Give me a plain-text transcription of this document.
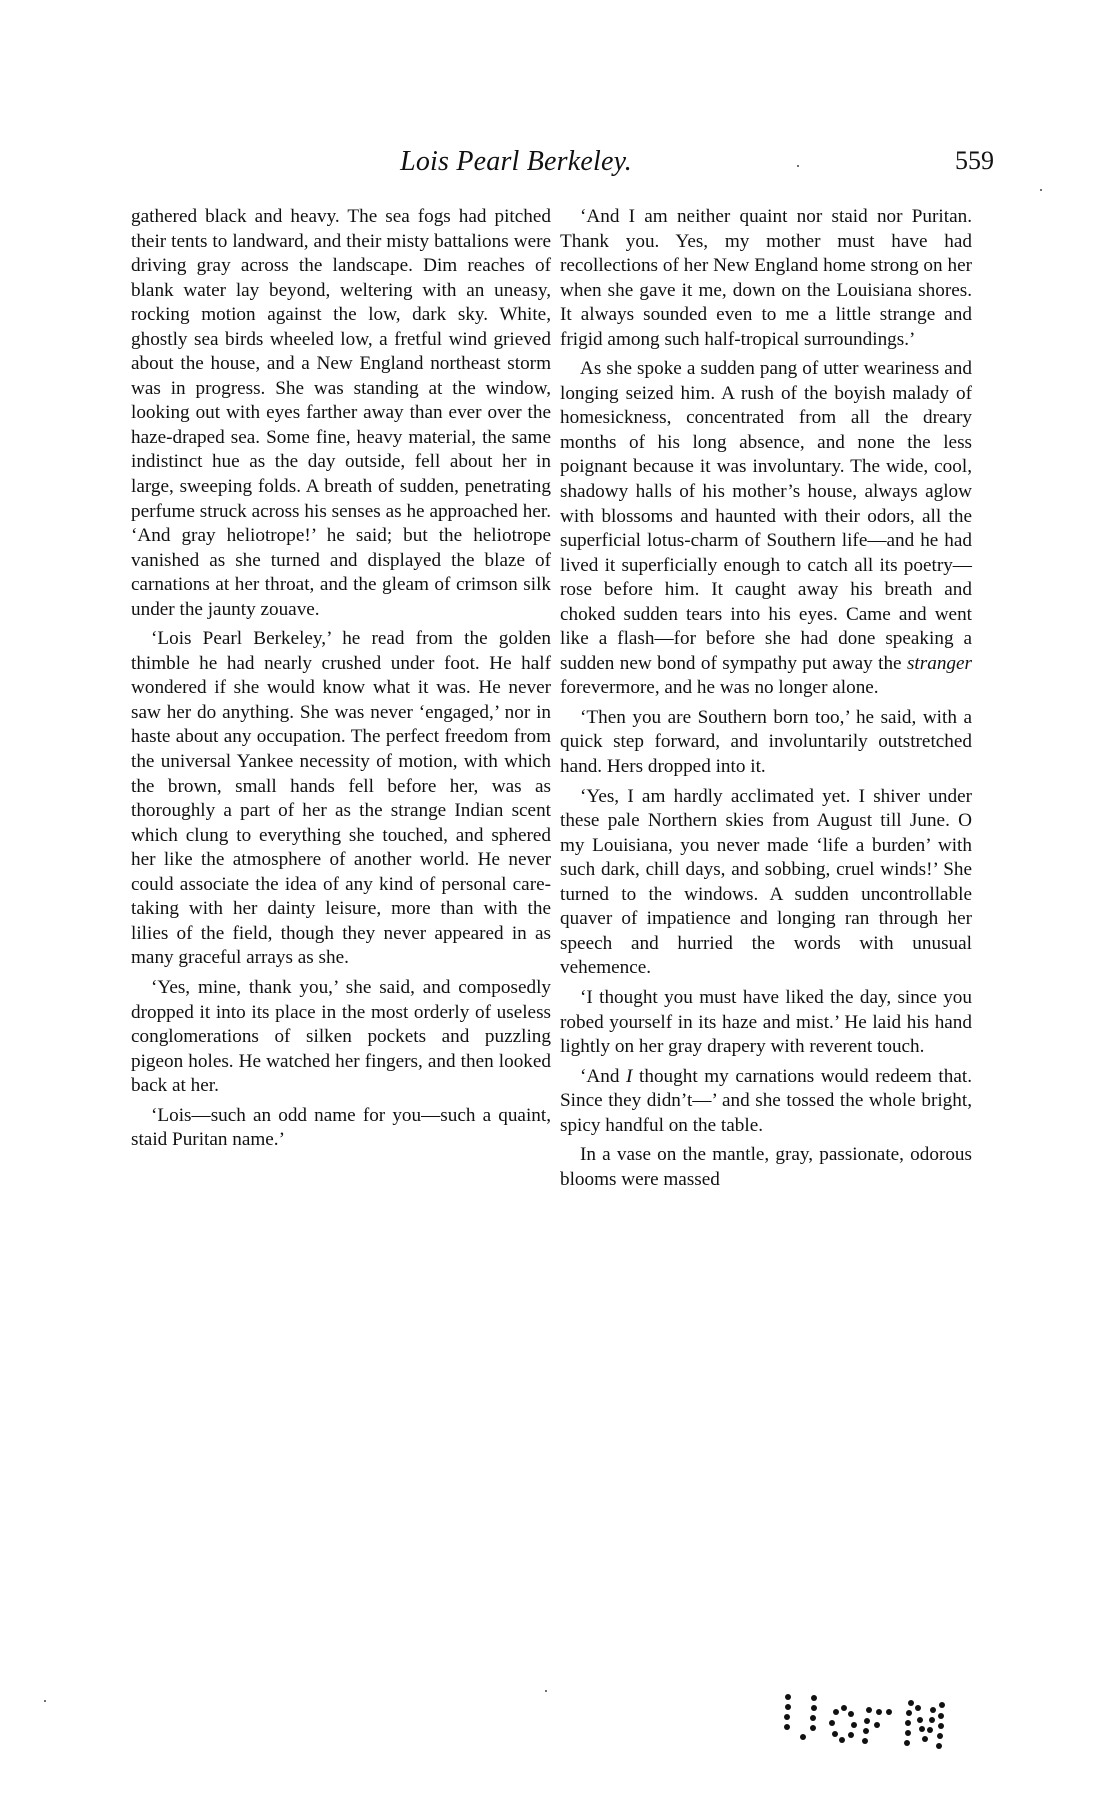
Lois Pearl Berkeley.	559

gathered black and heavy. The sea fogs had pitched their tents to landward, and their misty battalions were driving gray across the landscape. Dim reaches of blank water lay beyond, weltering with an uneasy, rocking motion against the low, dark sky. White, ghostly sea birds wheeled low, a fretful wind grieved about the house, and a New England northeast storm was in progress. She was standing at the window, looking out with eyes farther away than ever over the haze-draped sea. Some fine, heavy material, the same indistinct hue as the day outside, fell about her in large, sweeping folds. A breath of sudden, penetrating perfume struck across his senses as he approached her. ‘And gray heliotrope!’ he said; but the heliotrope vanished as she turned and displayed the blaze of carnations at her throat, and the gleam of crimson silk under the jaunty zouave.

‘Lois Pearl Berkeley,’ he read from the golden thimble he had nearly crushed under foot. He half wondered if she would know what it was. He never saw her do anything. She was never ‘engaged,’ nor in haste about any occupation. The perfect freedom from the universal Yankee necessity of motion, with which the brown, small hands fell before her, was as thoroughly a part of her as the strange Indian scent which clung to everything she touched, and sphered her like the atmosphere of another world. He never could associate the idea of any kind of personal care-taking with her dainty leisure, more than with the lilies of the field, though they never appeared in as many graceful arrays as she.

‘Yes, mine, thank you,’ she said, and composedly dropped it into its place in the most orderly of useless conglomerations of silken pockets and puzzling pigeon holes. He watched her fingers, and then looked back at her.

‘Lois—such an odd name for you—such a quaint, staid Puritan name.’

‘And I am neither quaint nor staid nor Puritan. Thank you. Yes, my mother must have had recollections of her New England home strong on her when she gave it me, down on the Louisiana shores. It always sounded even to me a little strange and frigid among such half-tropical surroundings.’

As she spoke a sudden pang of utter weariness and longing seized him. A rush of the boyish malady of homesickness, concentrated from all the dreary months of his long absence, and none the less poignant because it was involuntary. The wide, cool, shadowy halls of his mother’s house, always aglow with blossoms and haunted with their odors, all the superficial lotus-charm of Southern life—and he had lived it superficially enough to catch all its poetry—rose before him. It caught away his breath and choked sudden tears into his eyes. Came and went like a flash—for before she had done speaking a sudden new bond of sympathy put away the stranger forevermore, and he was no longer alone.

‘Then you are Southern born too,’ he said, with a quick step forward, and involuntarily outstretched hand. Hers dropped into it.

‘Yes, I am hardly acclimated yet. I shiver under these pale Northern skies from August till June. O my Louisiana, you never made ‘life a burden’ with such dark, chill days, and sobbing, cruel winds!’ She turned to the windows. A sudden uncontrollable quaver of impatience and longing ran through her speech and hurried the words with unusual vehemence.

‘I thought you must have liked the day, since you robed yourself in its haze and mist.’ He laid his hand lightly on her gray drapery with reverent touch.

‘And I thought my carnations would redeem that. Since they didn’t—’ and she tossed the whole bright, spicy handful on the table.

In a vase on the mantle, gray, passionate, odorous blooms were massed
